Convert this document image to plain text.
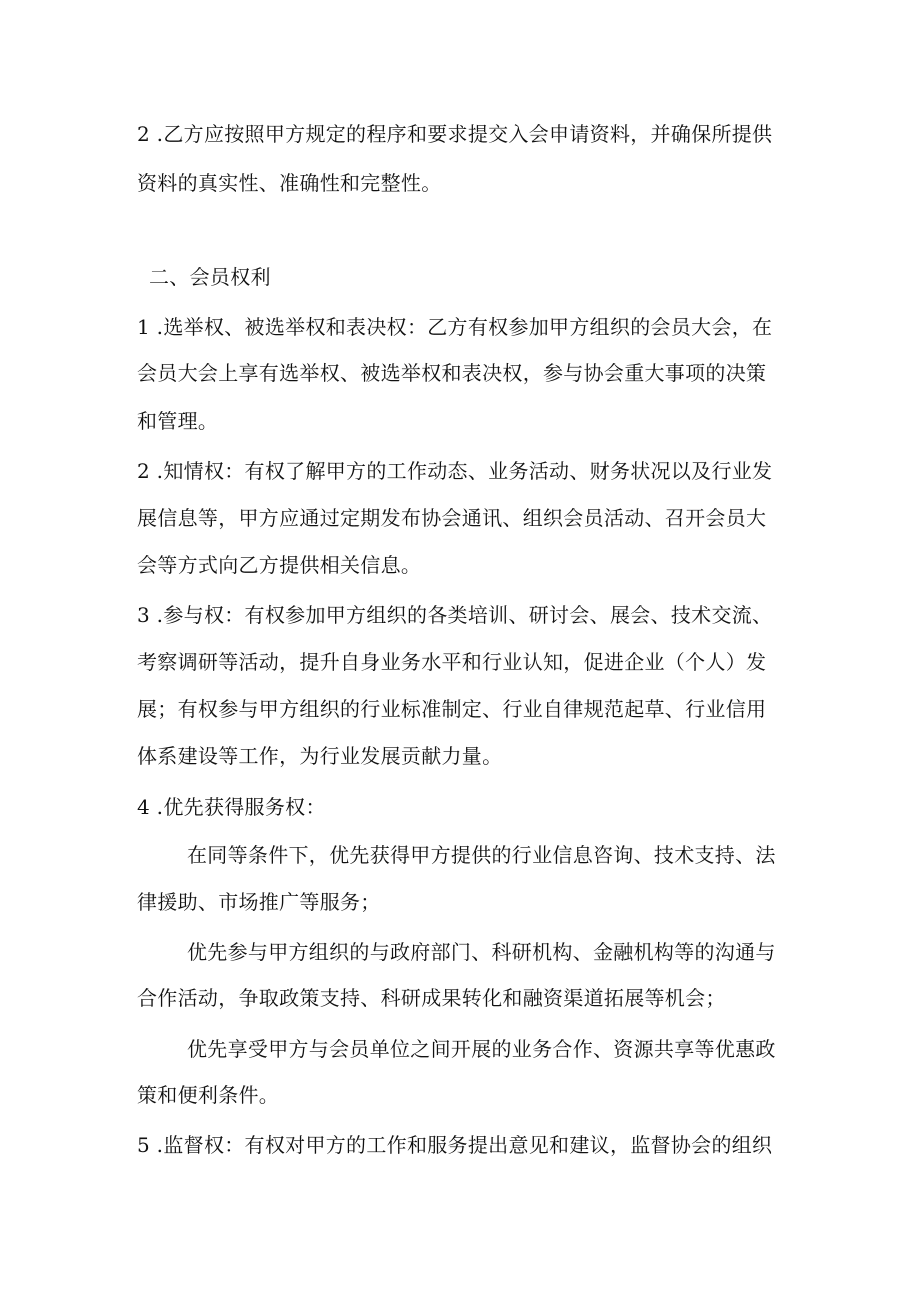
2 .乙方应按照甲方规定的程序和要求提交入会申请资料，并确保所提供
资料的真实性、准确性和完整性。
二、会员权利
1 .选举权、被选举权和表决权：乙方有权参加甲方组织的会员大会，在
会员大会上享有选举权、被选举权和表决权，参与协会重大事项的决策
和管理。
2 .知情权：有权了解甲方的工作动态、业务活动、财务状况以及行业发
展信息等，甲方应通过定期发布协会通讯、组织会员活动、召开会员大
会等方式向乙方提供相关信息。
3 .参与权：有权参加甲方组织的各类培训、研讨会、展会、技术交流、
考察调研等活动，提升自身业务水平和行业认知，促进企业（个人）发
展；有权参与甲方组织的行业标准制定、行业自律规范起草、行业信用
体系建设等工作，为行业发展贡献力量。
4 .优先获得服务权：
在同等条件下，优先获得甲方提供的行业信息咨询、技术支持、法
律援助、市场推广等服务；
优先参与甲方组织的与政府部门、科研机构、金融机构等的沟通与
合作活动，争取政策支持、科研成果转化和融资渠道拓展等机会；
优先享受甲方与会员单位之间开展的业务合作、资源共享等优惠政
策和便利条件。
5 .监督权：有权对甲方的工作和服务提出意见和建议，监督协会的组织
